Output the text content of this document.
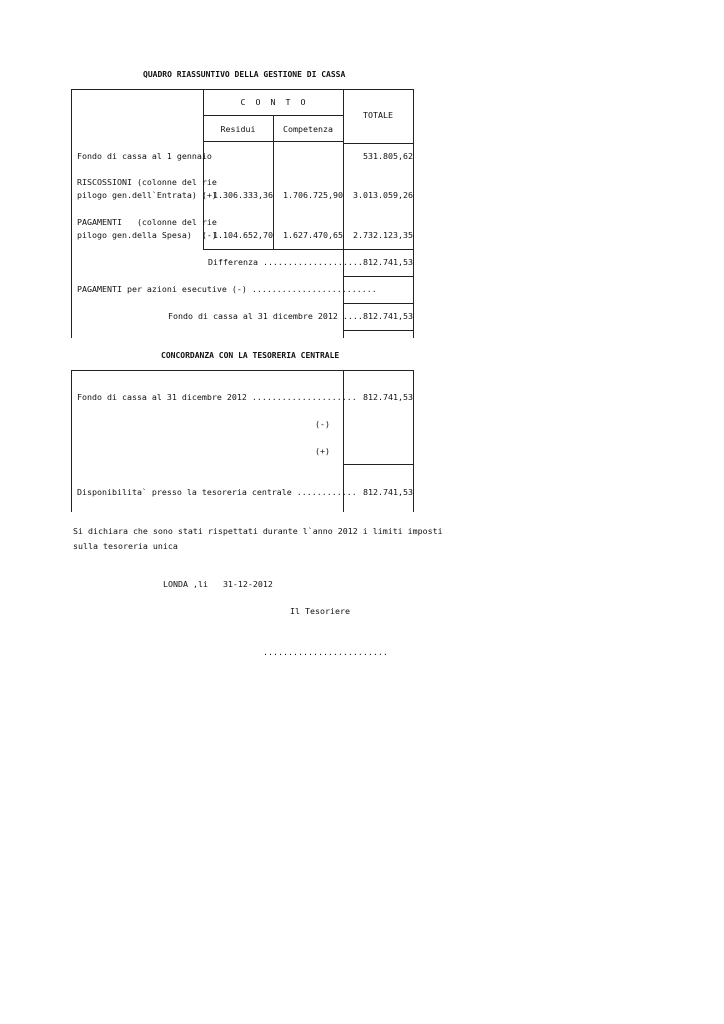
QUADRO RIASSUNTIVO DELLA GESTIONE DI CASSA
C  O  N  T  O
Residui	Competenza
TOTALE
Fondo di cassa al 1 gennaio	531.805,62
RISCOSSIONI (colonne del rie
pilogo gen.dell`Entrata) (+)
1.306.333,36	1.706.725,90	3.013.059,26
PAGAMENTI   (colonne del rie
pilogo gen.della Spesa)  (-)
1.104.652,70	1.627.470,65	2.732.123,35
Differenza .................... 812.741,53
PAGAMENTI per azioni esecutive (-) .........................
Fondo di cassa al 31 dicembre 2012 .... 812.741,53
CONCORDANZA CON LA TESORERIA CENTRALE
Fondo di cassa al 31 dicembre 2012 ..................... 812.741,53
(-)
(+)
Disponibilita` presso la tesoreria centrale ............ 812.741,53
Si dichiara che sono stati rispettati durante l`anno 2012 i limiti imposti
sulla tesoreria unica
LONDA ,li   31-12-2012
Il Tesoriere
.........................
